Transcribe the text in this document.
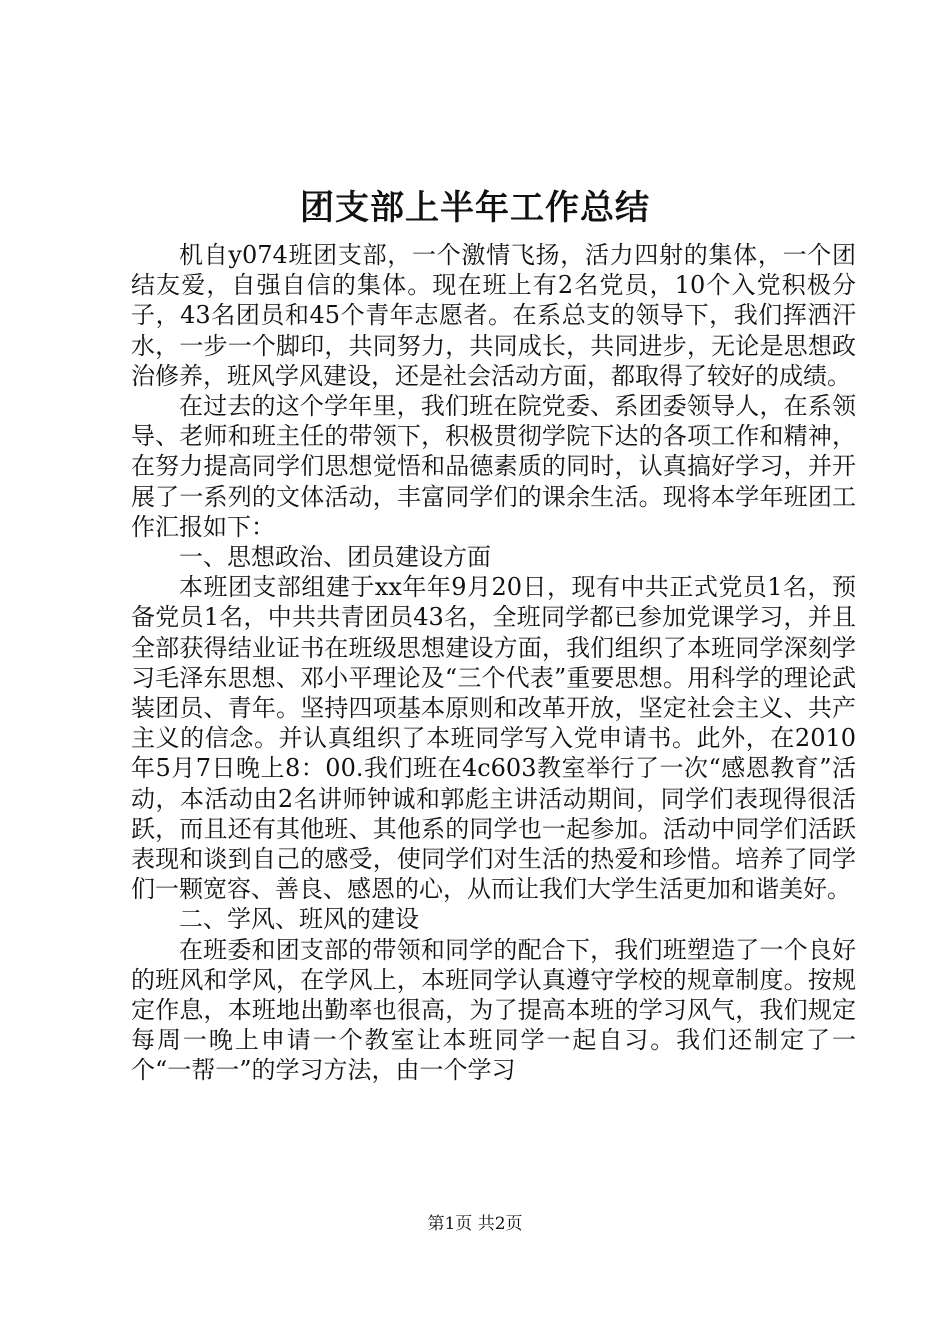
团支部上半年工作总结

机自y074班团支部，一个激情飞扬，活力四射的集体，一个团结友爱，自强自信的集体。现在班上有2名党员，10个入党积极分子，43名团员和45个青年志愿者。在系总支的领导下，我们挥洒汗水，一步一个脚印，共同努力，共同成长，共同进步，无论是思想政治修养，班风学风建设，还是社会活动方面，都取得了较好的成绩。

在过去的这个学年里，我们班在院党委、系团委领导人，在系领导、老师和班主任的带领下，积极贯彻学院下达的各项工作和精神，在努力提高同学们思想觉悟和品德素质的同时，认真搞好学习，并开展了一系列的文体活动，丰富同学们的课余生活。现将本学年班团工作汇报如下：

一、思想政治、团员建设方面

本班团支部组建于xx年年9月20日，现有中共正式党员1名，预备党员1名，中共共青团员43名，全班同学都已参加党课学习，并且全部获得结业证书在班级思想建设方面，我们组织了本班同学深刻学习毛泽东思想、邓小平理论及“三个代表”重要思想。用科学的理论武装团员、青年。坚持四项基本原则和改革开放，坚定社会主义、共产主义的信念。并认真组织了本班同学写入党申请书。此外，在2010年5月7日晚上8：00.我们班在4c603教室举行了一次“感恩教育”活动，本活动由2名讲师钟诚和郭彪主讲活动期间，同学们表现得很活跃，而且还有其他班、其他系的同学也一起参加。活动中同学们活跃表现和谈到自己的感受，使同学们对生活的热爱和珍惜。培养了同学们一颗宽容、善良、感恩的心，从而让我们大学生活更加和谐美好。

二、学风、班风的建设

在班委和团支部的带领和同学的配合下，我们班塑造了一个良好的班风和学风，在学风上，本班同学认真遵守学校的规章制度。按规定作息，本班地出勤率也很高，为了提高本班的学习风气，我们规定每周一晚上申请一个教室让本班同学一起自习。我们还制定了一个“一帮一”的学习方法，由一个学习

第1页 共2页
